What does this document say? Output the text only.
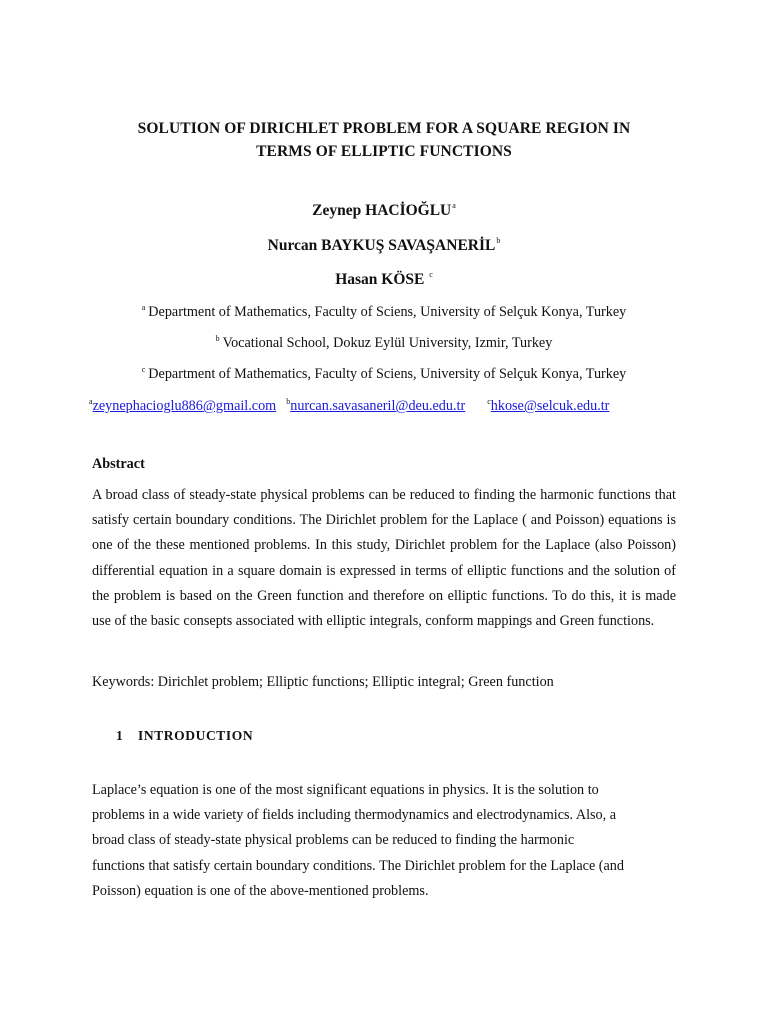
SOLUTION OF DIRICHLET PROBLEM FOR A SQUARE REGION IN
TERMS OF ELLIPTIC FUNCTIONS
Zeynep HACİOĞLU$^a$
Nurcan BAYKUŞ SAVAŞANERİL$^b$
Hasan KÖSE $^c$
$^a$ Department of Mathematics, Faculty of Sciens, University of Selçuk Konya, Turkey
$^b$ Vocational School, Dokuz Eylül University, Izmir, Turkey
$^c$ Department of Mathematics, Faculty of Sciens, University of Selçuk Konya, Turkey
$^a$zeynephacioglu886@gmail.com $^b$nurcan.savasaneril@deu.edu.tr	$^c$hkose@selcuk.edu.tr
Abstract
A broad class of steady-state physical problems can be reduced to finding the harmonic functions that satisfy certain boundary conditions. The Dirichlet problem for the Laplace ( and Poisson) equations is one of the these mentioned problems. In this study, Dirichlet problem for the Laplace (also Poisson) differential equation in a square domain is expressed in terms of elliptic functions and the solution of the problem is based on the Green function and therefore on elliptic functions. To do this, it is made use of the basic consepts associated with elliptic integrals, conform mappings and Green functions.
Keywords: Dirichlet problem; Elliptic functions; Elliptic integral; Green function
1 INTRODUCTION
Laplace’s equation is one of the most significant equations in physics. It is the solution to
problems in a wide variety of fields including thermodynamics and electrodynamics. Also, a
broad class of steady-state physical problems can be reduced to finding the harmonic
functions that satisfy certain boundary conditions. The Dirichlet problem for the Laplace (and
Poisson) equation is one of the above-mentioned problems.
